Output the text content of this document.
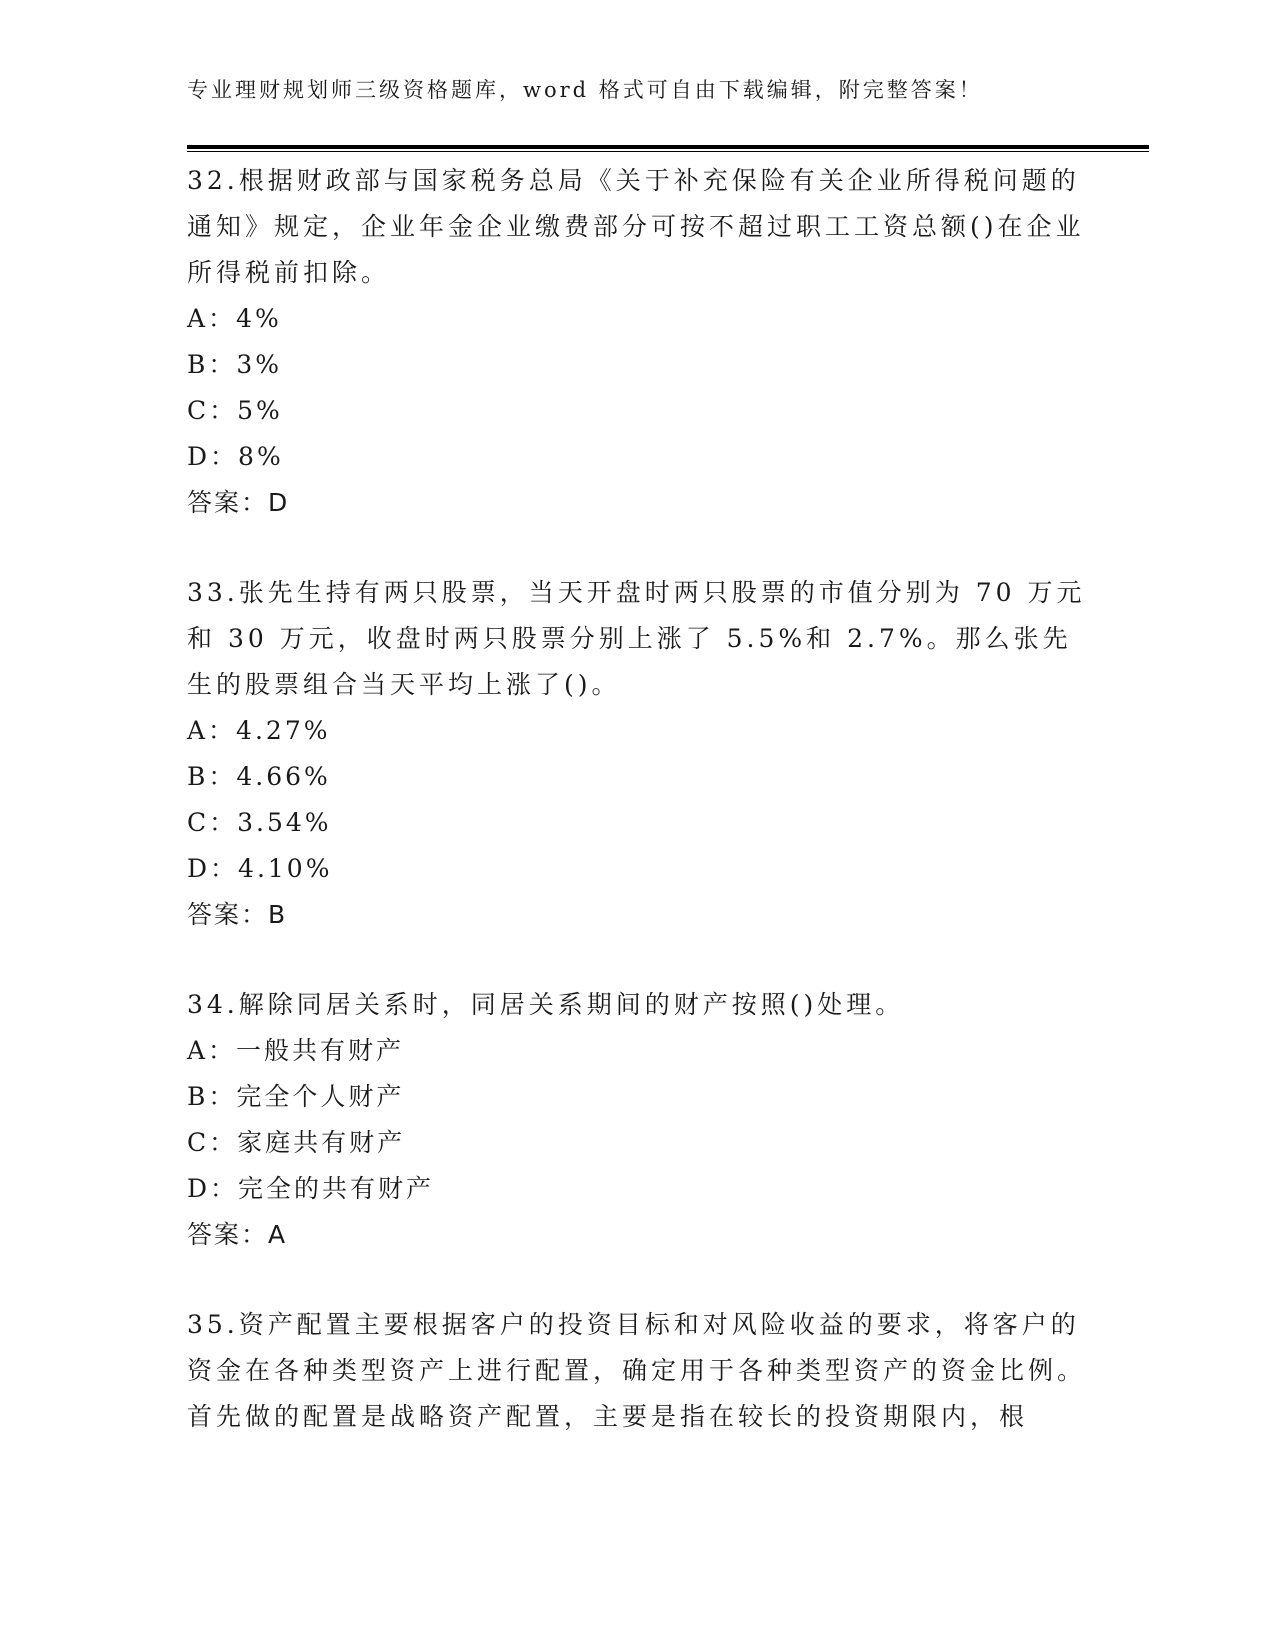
专业理财规划师三级资格题库，word 格式可自由下载编辑，附完整答案！

32.根据财政部与国家税务总局《关于补充保险有关企业所得税问题的通知》规定，企业年金企业缴费部分可按不超过职工工资总额()在企业所得税前扣除。

A：4%

B：3%

C：5%

D：8%

答案：D

33.张先生持有两只股票，当天开盘时两只股票的市值分别为 70 万元和 30 万元，收盘时两只股票分别上涨了 5.5%和 2.7%。那么张先生的股票组合当天平均上涨了()。

A：4.27%

B：4.66%

C：3.54%

D：4.10%

答案：B

34.解除同居关系时，同居关系期间的财产按照()处理。

A：一般共有财产

B：完全个人财产

C：家庭共有财产

D：完全的共有财产

答案：A

35.资产配置主要根据客户的投资目标和对风险收益的要求，将客户的资金在各种类型资产上进行配置，确定用于各种类型资产的资金比例。首先做的配置是战略资产配置，主要是指在较长的投资期限内，根
